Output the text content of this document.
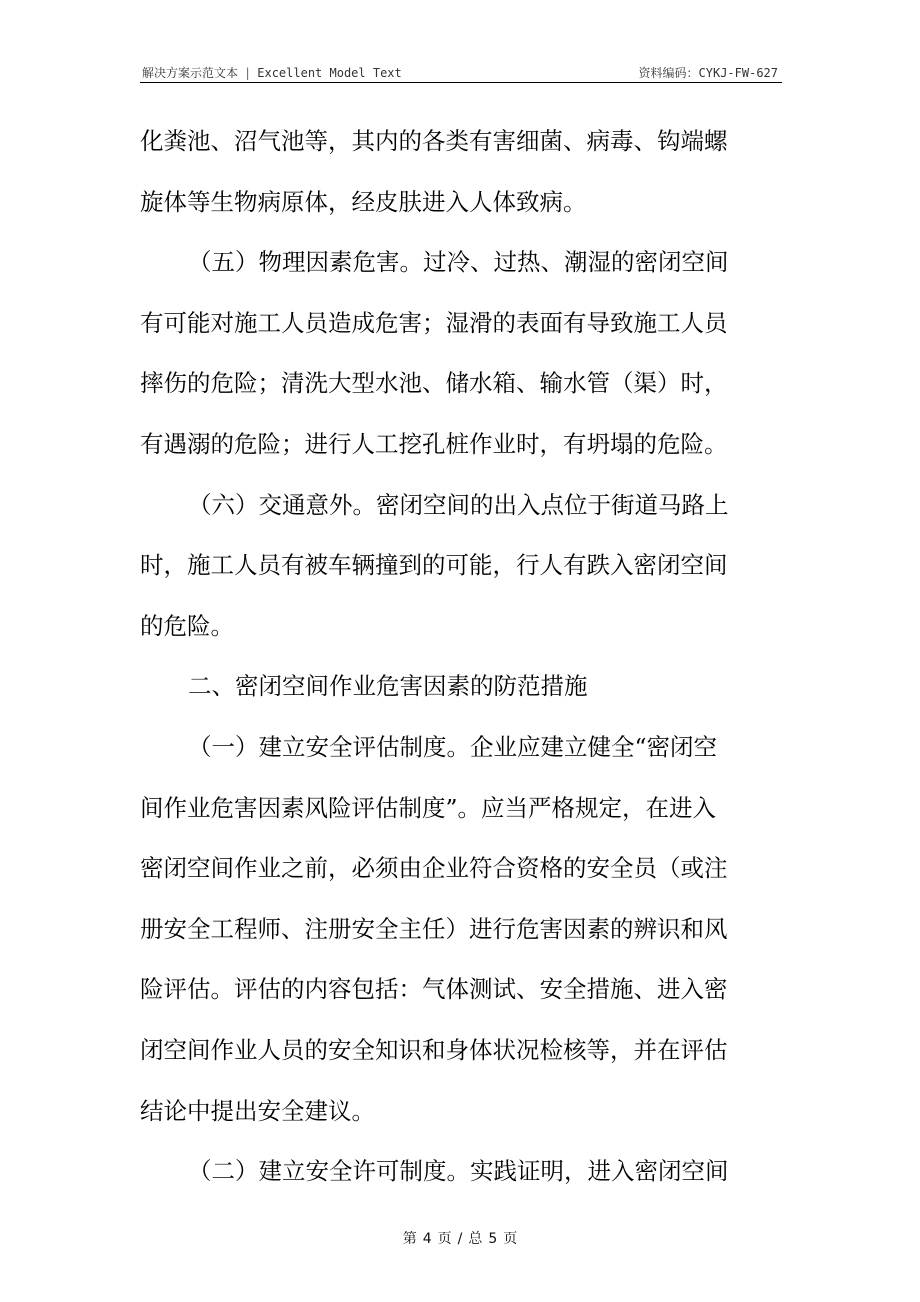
解决方案示范文本 | Excellent Model Text	资料编码：CYKJ-FW-627
化粪池、沼气池等，其内的各类有害细菌、病毒、钩端螺
旋体等生物病原体，经皮肤进入人体致病。
（五）物理因素危害。过冷、过热、潮湿的密闭空间
有可能对施工人员造成危害；湿滑的表面有导致施工人员
摔伤的危险；清洗大型水池、储水箱、输水管（渠）时，
有遇溺的危险；进行人工挖孔桩作业时，有坍塌的危险。
（六）交通意外。密闭空间的出入点位于街道马路上
时，施工人员有被车辆撞到的可能，行人有跌入密闭空间
的危险。
二、密闭空间作业危害因素的防范措施
（一）建立安全评估制度。企业应建立健全“密闭空
间作业危害因素风险评估制度”。应当严格规定，在进入
密闭空间作业之前，必须由企业符合资格的安全员（或注
册安全工程师、注册安全主任）进行危害因素的辨识和风
险评估。评估的内容包括：气体测试、安全措施、进入密
闭空间作业人员的安全知识和身体状况检核等，并在评估
结论中提出安全建议。
（二）建立安全许可制度。实践证明，进入密闭空间
第 4 页 / 总 5 页
